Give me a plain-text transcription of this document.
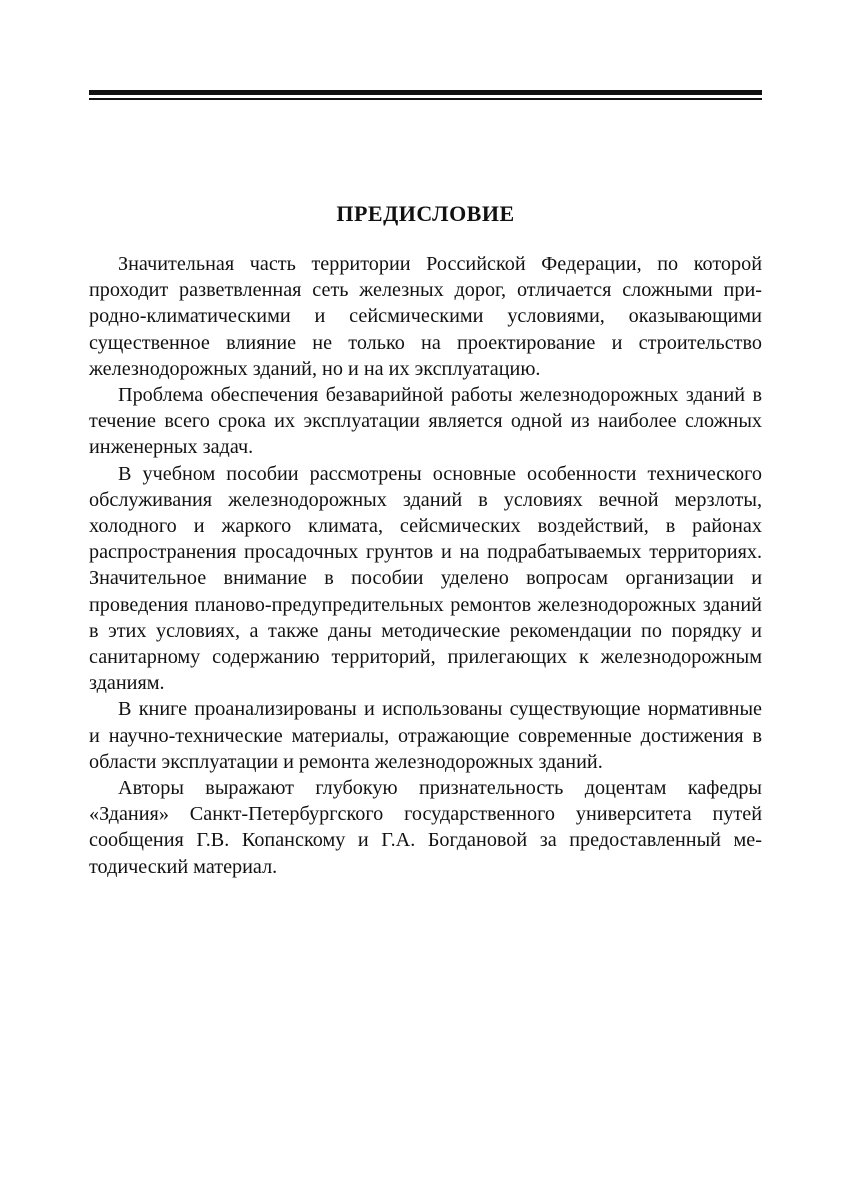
ПРЕДИСЛОВИЕ

Значительная часть территории Российской Федерации, по которой проходит разветвленная сеть железных дорог, отличается сложными природно-климатическими и сейсмическими условиями, оказывающими существенное влияние не только на проектирование и строительство железнодорожных зданий, но и на их эксплуатацию.

Проблема обеспечения безаварийной работы железнодорожных зданий в течение всего срока их эксплуатации является одной из наиболее сложных инженерных задач.

В учебном пособии рассмотрены основные особенности технического обслуживания железнодорожных зданий в условиях вечной мерзлоты, холодного и жаркого климата, сейсмических воздействий, в районах распространения просадочных грунтов и на подрабатываемых территориях. Значительное внимание в пособии уделено вопросам организации и проведения планово-предупредительных ремонтов железнодорожных зданий в этих условиях, а также даны методические рекомендации по порядку и санитарному содержанию территорий, прилегающих к железнодорожным зданиям.

В книге проанализированы и использованы существующие нормативные и научно-технические материалы, отражающие современные достижения в области эксплуатации и ремонта железнодорожных зданий.

Авторы выражают глубокую признательность доцентам кафедры «Здания» Санкт-Петербургского государственного университета путей сообщения Г.В. Копанскому и Г.А. Богдановой за предоставленный методический материал.
